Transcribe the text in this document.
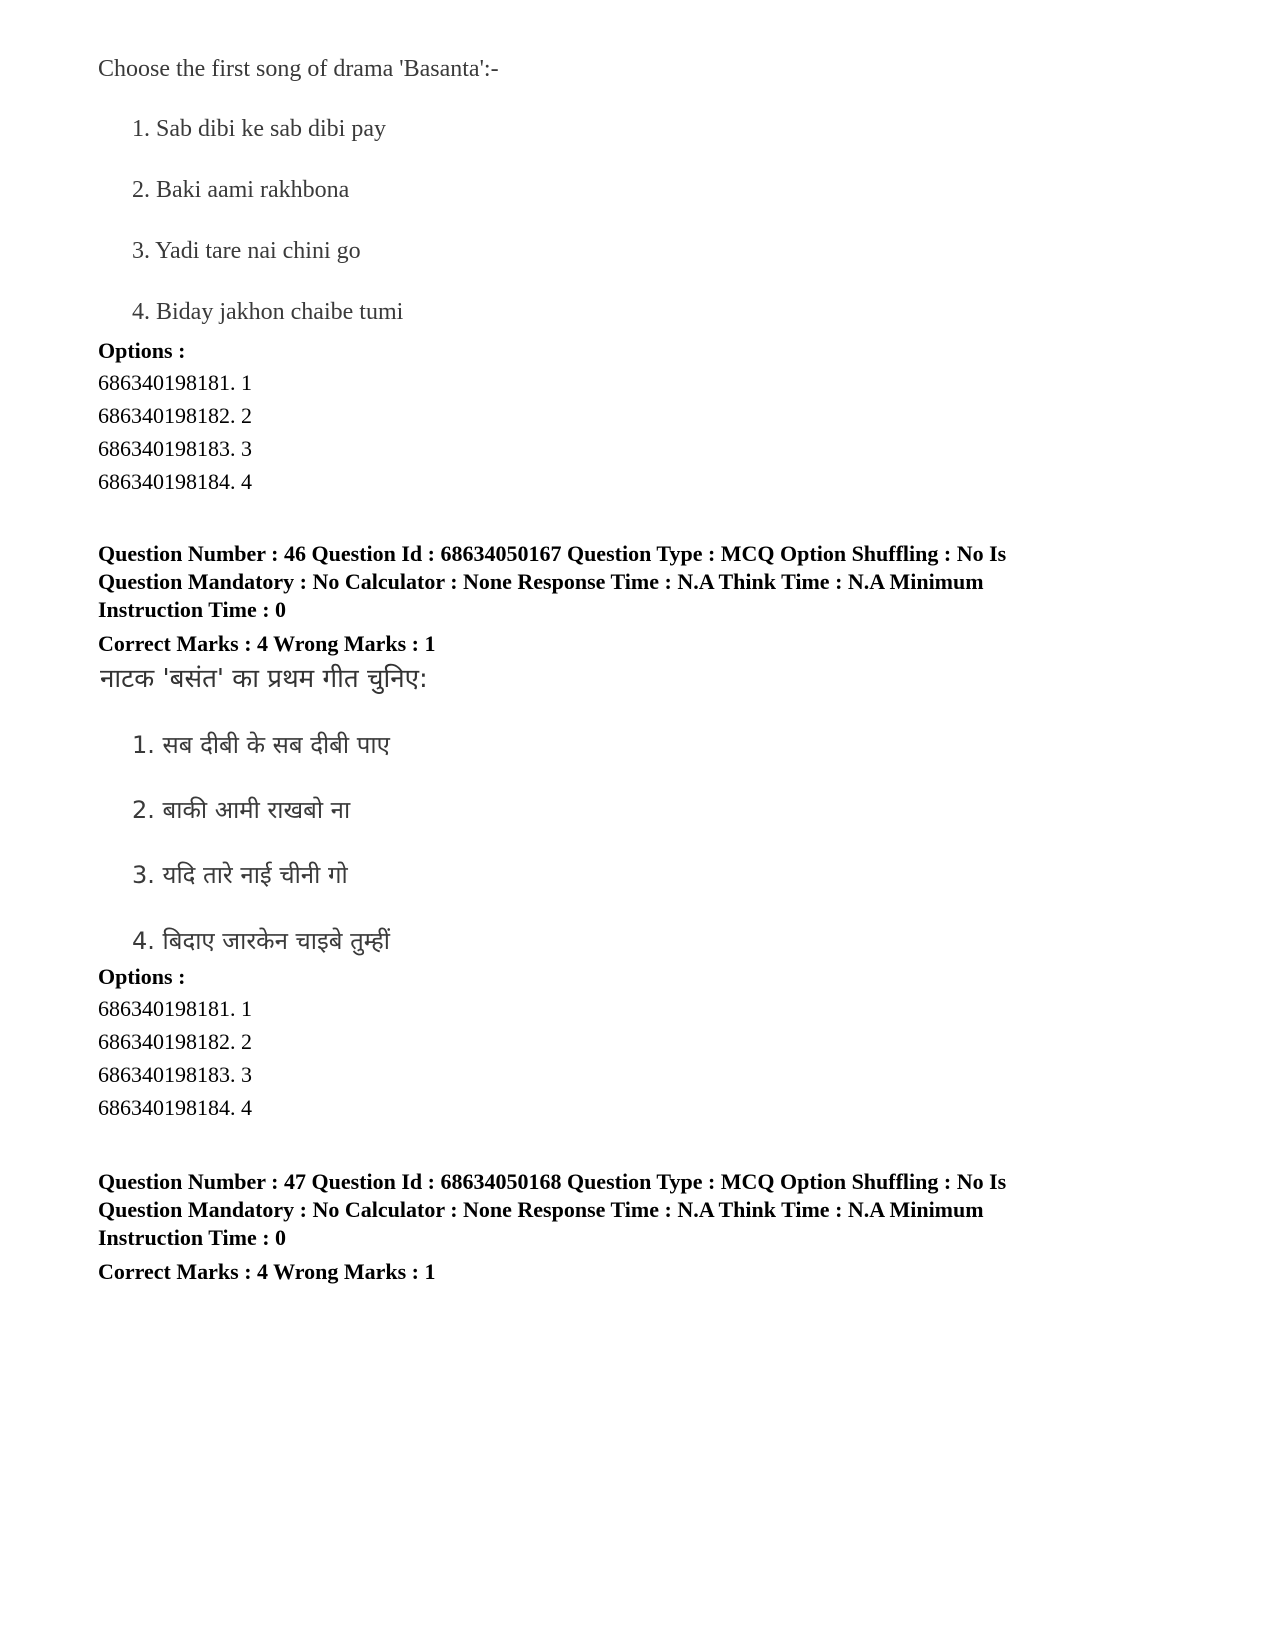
Choose the first song of drama 'Basanta':-

1. Sab dibi ke sab dibi pay
2. Baki aami rakhbona
3. Yadi tare nai chini go
4. Biday jakhon chaibe tumi

Options :

686340198181. 1

686340198182. 2

686340198183. 3

686340198184. 4

Question Number : 46 Question Id : 68634050167 Question Type : MCQ Option Shuffling : No Is

Question Mandatory : No Calculator : None Response Time : N.A Think Time : N.A Minimum

Instruction Time : 0

Correct Marks : 4 Wrong Marks : 1

नाटक 'बसंत' का प्रथम गीत चुनिए:

1. सब दीबी के सब दीबी पाए
2. बाकी आमी राखबो ना
3. यदि तारे नाई चीनी गो
4. बिदाए जारकेन चाइबे तुम्हीं

Options :

686340198181. 1

686340198182. 2

686340198183. 3

686340198184. 4

Question Number : 47 Question Id : 68634050168 Question Type : MCQ Option Shuffling : No Is

Question Mandatory : No Calculator : None Response Time : N.A Think Time : N.A Minimum

Instruction Time : 0

Correct Marks : 4 Wrong Marks : 1
